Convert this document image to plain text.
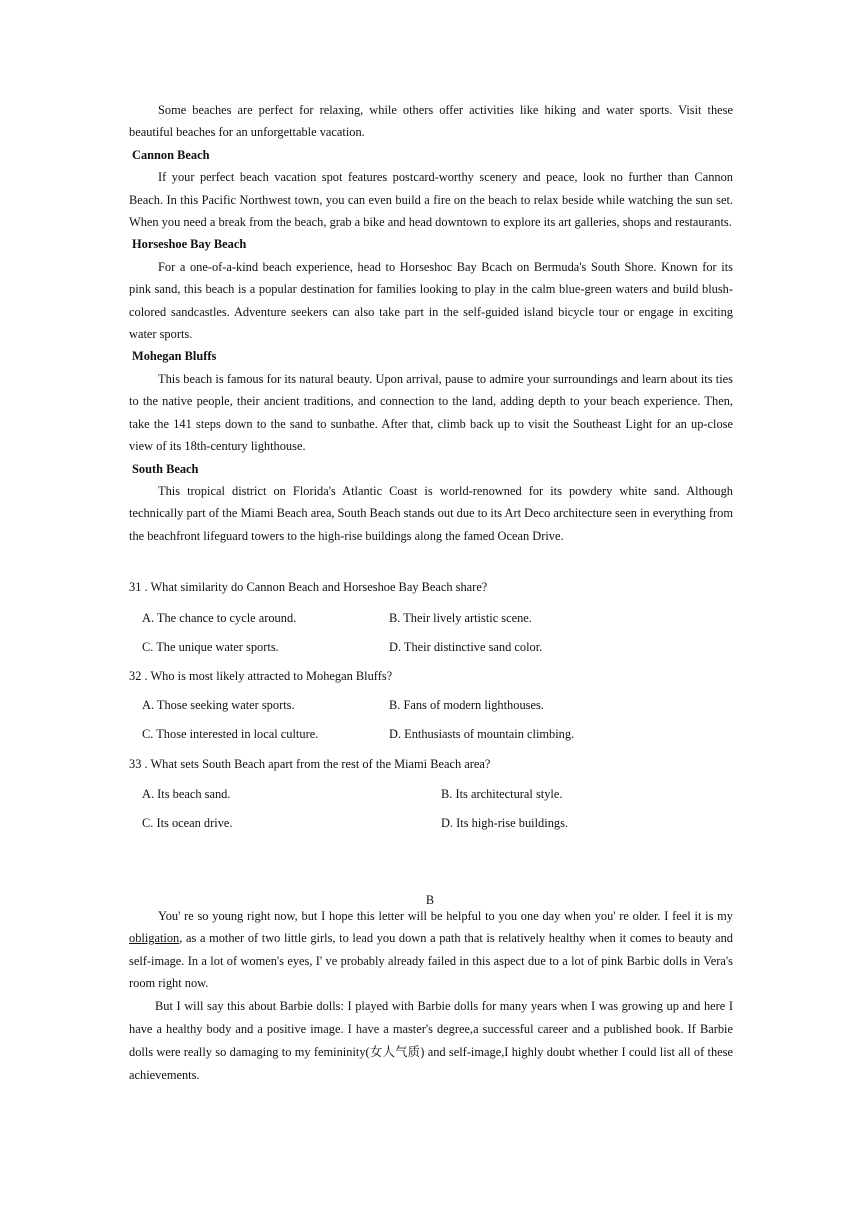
Some beaches are perfect for relaxing, while others offer activities like hiking and water sports. Visit these beautiful beaches for an unforgettable vacation.

Cannon Beach

If your perfect beach vacation spot features postcard-worthy scenery and peace, look no further than Cannon Beach. In this Pacific Northwest town, you can even build a fire on the beach to relax beside while watching the sun set. When you need a break from the beach, grab a bike and head downtown to explore its art galleries, shops and restaurants.

Horseshoe Bay Beach

For a one-of-a-kind beach experience, head to Horseshoc Bay Bcach on Bermuda's South Shore. Known for its pink sand, this beach is a popular destination for families looking to play in the calm blue-green waters and build blush-colored sandcastles. Adventure seekers can also take part in the self-guided island bicycle tour or engage in exciting water sports.

Mohegan Bluffs

This beach is famous for its natural beauty. Upon arrival, pause to admire your surroundings and learn about its ties to the native people, their ancient traditions, and connection to the land, adding depth to your beach experience. Then, take the 141 steps down to the sand to sunbathe. After that, climb back up to visit the Southeast Light for an up-close view of its 18th-century lighthouse.

South Beach

This tropical district on Florida's Atlantic Coast is world-renowned for its powdery white sand. Although technically part of the Miami Beach area, South Beach stands out due to its Art Deco architecture seen in everything from the beachfront lifeguard towers to the high-rise buildings along the famed Ocean Drive.

31 . What similarity do Cannon Beach and Horseshoe Bay Beach share?
A. The chance to cycle around.	B. Their lively artistic scene.
C. The unique water sports.	D. Their distinctive sand color.
32 . Who is most likely attracted to Mohegan Bluffs?
A. Those seeking water sports.	B. Fans of modern lighthouses.
C. Those interested in local culture.	D. Enthusiasts of mountain climbing.
33 . What sets South Beach apart from the rest of the Miami Beach area?
A. Its beach sand.	B. Its architectural style.
C. Its ocean drive.	D. Its high-rise buildings.
B

You' re so young right now, but I hope this letter will be helpful to you one day when you' re older. I feel it is my obligation, as a mother of two little girls, to lead you down a path that is relatively healthy when it comes to beauty and self-image. In a lot of women's eyes, I' ve probably already failed in this aspect due to a lot of pink Barbic dolls in Vera's room right now.

But I will say this about Barbie dolls: I played with Barbie dolls for many years when I was growing up and here I have a healthy body and a positive image. I have a master's degree,a successful career and a published book. If Barbie dolls were really so damaging to my femininity(女人气质) and self-image,I highly doubt whether I could list all of these achievements.
